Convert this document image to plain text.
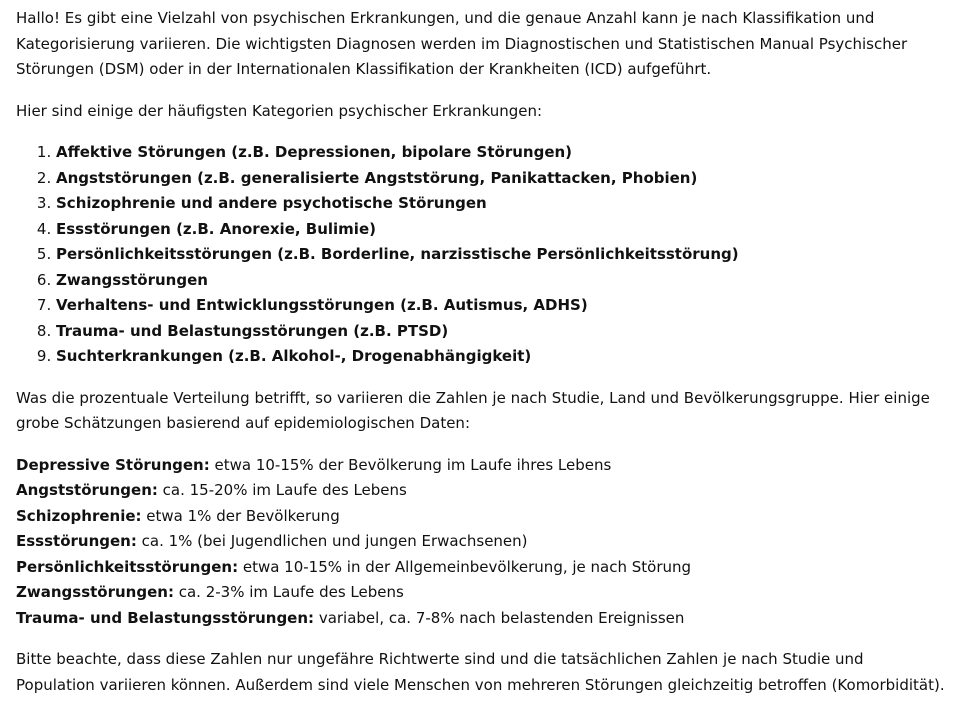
Hallo! Es gibt eine Vielzahl von psychischen Erkrankungen, und die genaue Anzahl kann je nach Klassifikation und Kategorisierung variieren. Die wichtigsten Diagnosen werden im Diagnostischen und Statistischen Manual Psychischer Störungen (DSM) oder in der Internationalen Klassifikation der Krankheiten (ICD) aufgeführt.

Hier sind einige der häufigsten Kategorien psychischer Erkrankungen:

1. Affektive Störungen (z.B. Depressionen, bipolare Störungen)
2. Angststörungen (z.B. generalisierte Angststörung, Panikattacken, Phobien)
3. Schizophrenie und andere psychotische Störungen
4. Essstörungen (z.B. Anorexie, Bulimie)
5. Persönlichkeitsstörungen (z.B. Borderline, narzisstische Persönlichkeitsstörung)
6. Zwangsstörungen
7. Verhaltens- und Entwicklungsstörungen (z.B. Autismus, ADHS)
8. Trauma- und Belastungsstörungen (z.B. PTSD)
9. Suchterkrankungen (z.B. Alkohol-, Drogenabhängigkeit)

Was die prozentuale Verteilung betrifft, so variieren die Zahlen je nach Studie, Land und Bevölkerungsgruppe. Hier einige grobe Schätzungen basierend auf epidemiologischen Daten:

Depressive Störungen: etwa 10-15% der Bevölkerung im Laufe ihres Lebens
Angststörungen: ca. 15-20% im Laufe des Lebens
Schizophrenie: etwa 1% der Bevölkerung
Essstörungen: ca. 1% (bei Jugendlichen und jungen Erwachsenen)
Persönlichkeitsstörungen: etwa 10-15% in der Allgemeinbevölkerung, je nach Störung
Zwangsstörungen: ca. 2-3% im Laufe des Lebens
Trauma- und Belastungsstörungen: variabel, ca. 7-8% nach belastenden Ereignissen

Bitte beachte, dass diese Zahlen nur ungefähre Richtwerte sind und die tatsächlichen Zahlen je nach Studie und Population variieren können. Außerdem sind viele Menschen von mehreren Störungen gleichzeitig betroffen (Komorbidität).
